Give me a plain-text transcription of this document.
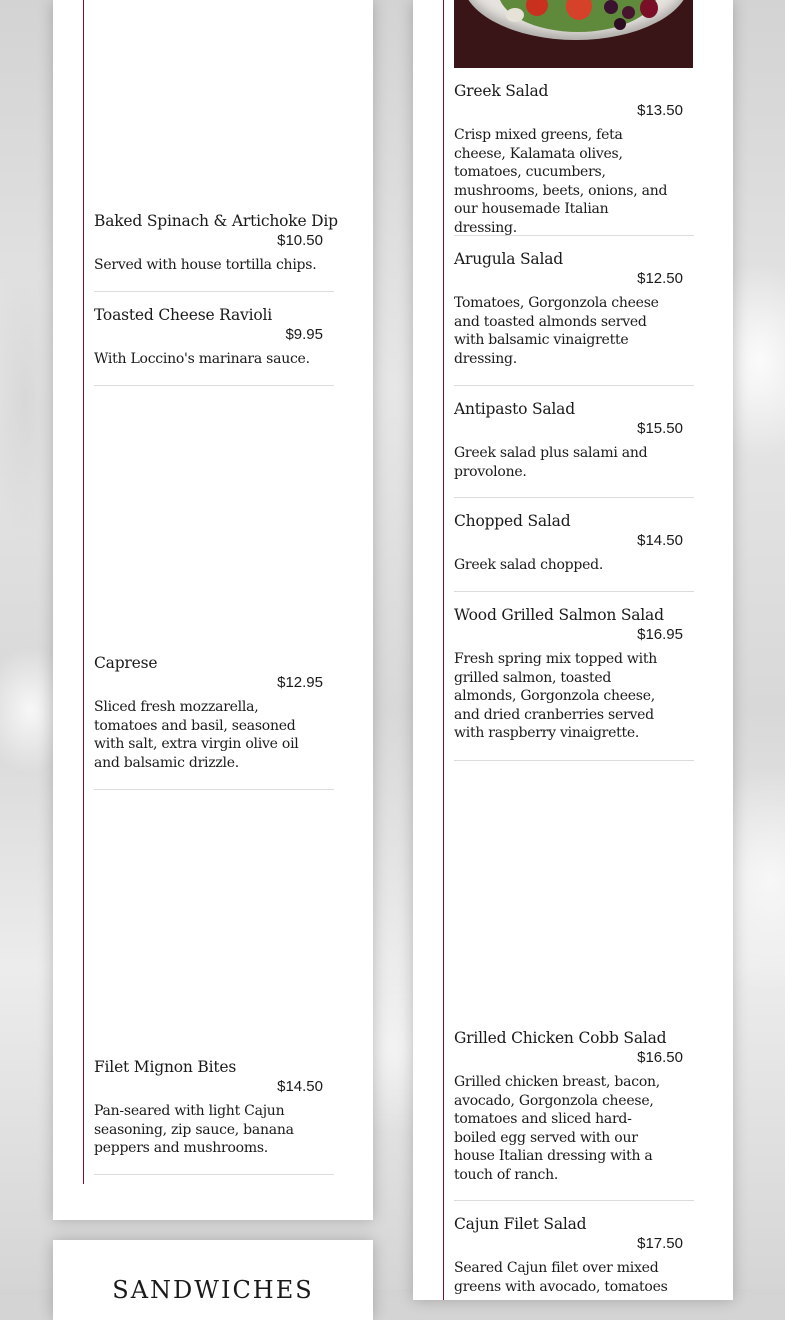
Baked Spinach & Artichoke Dip
$10.50
Served with house tortilla chips.
Toasted Cheese Ravioli
$9.95
With Loccino's marinara sauce.
Caprese
$12.95
Sliced fresh mozzarella, tomatoes and basil, seasoned with salt, extra virgin olive oil and balsamic drizzle.
Filet Mignon Bites
$14.50
Pan-seared with light Cajun seasoning, zip sauce, banana peppers and mushrooms.
SANDWICHES
Greek Salad
$13.50
Crisp mixed greens, feta cheese, Kalamata olives, tomatoes, cucumbers, mushrooms, beets, onions, and our housemade Italian dressing.
Arugula Salad
$12.50
Tomatoes, Gorgonzola cheese and toasted almonds served with balsamic vinaigrette dressing.
Antipasto Salad
$15.50
Greek salad plus salami and provolone.
Chopped Salad
$14.50
Greek salad chopped.
Wood Grilled Salmon Salad
$16.95
Fresh spring mix topped with grilled salmon, toasted almonds, Gorgonzola cheese, and dried cranberries served with raspberry vinaigrette.
Grilled Chicken Cobb Salad
$16.50
Grilled chicken breast, bacon, avocado, Gorgonzola cheese, tomatoes and sliced hard-boiled egg served with our house Italian dressing with a touch of ranch.
Cajun Filet Salad
$17.50
Seared Cajun filet over mixed greens with avocado, tomatoes
